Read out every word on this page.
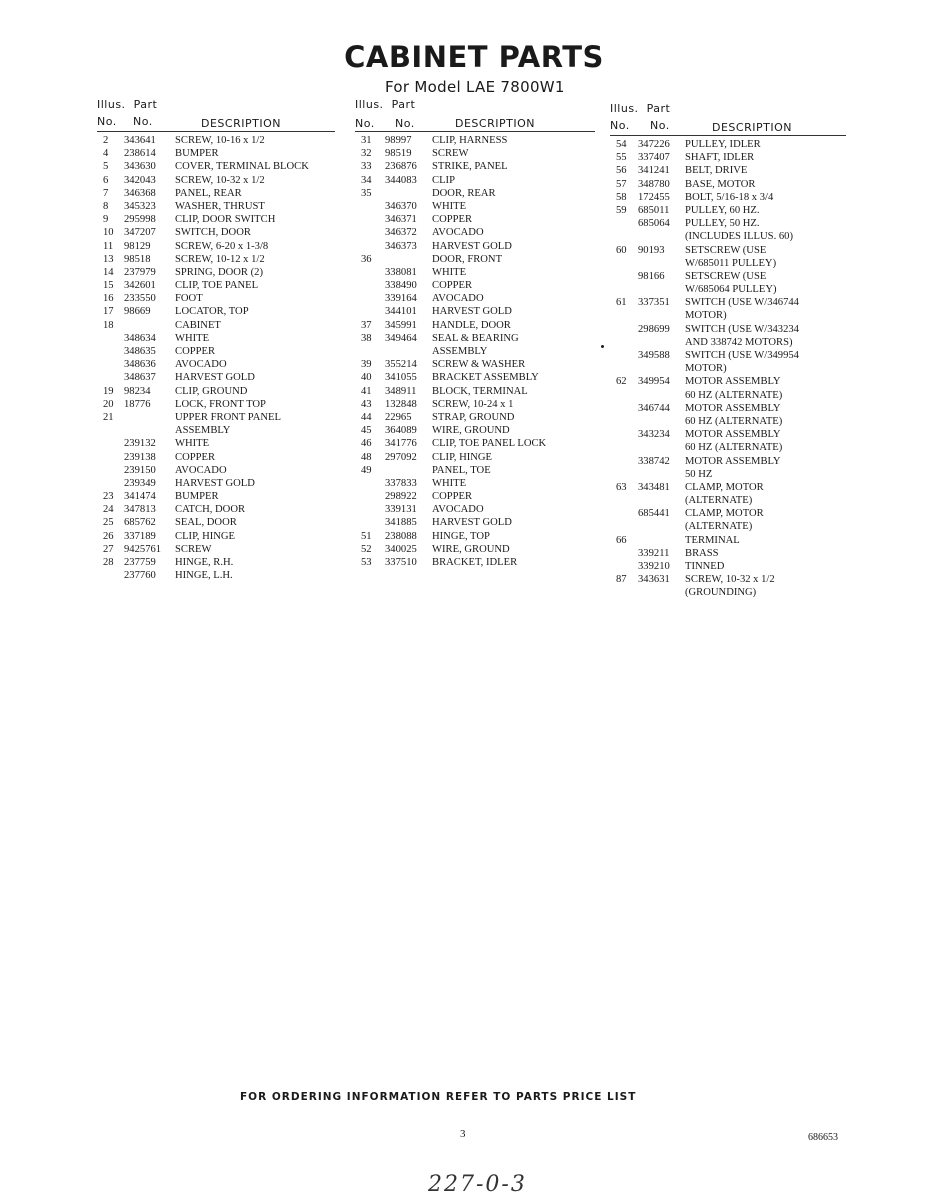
CABINET PARTS
For Model LAE 7800W1
Illus. Part
No. No.	DESCRIPTION
2 343641 SCREW, 10-16 x 1/2
4 238614 BUMPER
5 343630 COVER, TERMINAL BLOCK
6 342043 SCREW, 10-32 x 1/2
7 346368 PANEL, REAR
8 345323 WASHER, THRUST
9 295998 CLIP, DOOR SWITCH
10 347207 SWITCH, DOOR
11 98129 SCREW, 6-20 x 1-3/8
13 98518 SCREW, 10-12 x 1/2
14 237979 SPRING, DOOR (2)
15 342601 CLIP, TOE PANEL
16 233550 FOOT
17 98669 LOCATOR, TOP
18	CABINET
348634 WHITE
348635 COPPER
348636 AVOCADO
348637 HARVEST GOLD
19 98234 CLIP, GROUND
20 18776 LOCK, FRONT TOP
21	UPPER FRONT PANEL
ASSEMBLY
239132 WHITE
239138 COPPER
239150 AVOCADO
239349 HARVEST GOLD
23 341474 BUMPER
24 347813 CATCH, DOOR
25 685762 SEAL, DOOR
26 337189 CLIP, HINGE
27 9425761 SCREW
28 237759 HINGE, R.H.
237760 HINGE, L.H.
Illus. Part
No. No.	DESCRIPTION
31 98997 CLIP, HARNESS
32 98519 SCREW
33 236876 STRIKE, PANEL
34 344083 CLIP
35	DOOR, REAR
346370 WHITE
346371 COPPER
346372 AVOCADO
346373 HARVEST GOLD
36	DOOR, FRONT
338081 WHITE
338490 COPPER
339164 AVOCADO
344101 HARVEST GOLD
37 345991 HANDLE, DOOR
38 349464 SEAL & BEARING
ASSEMBLY
39 355214 SCREW & WASHER
40 341055 BRACKET ASSEMBLY
41 348911 BLOCK, TERMINAL
43 132848 SCREW, 10-24 x 1
44 22965 STRAP, GROUND
45 364089 WIRE, GROUND
46 341776 CLIP, TOE PANEL LOCK
48 297092 CLIP, HINGE
49	PANEL, TOE
337833 WHITE
298922 COPPER
339131 AVOCADO
341885 HARVEST GOLD
51 238088 HINGE, TOP
52 340025 WIRE, GROUND
53 337510 BRACKET, IDLER
Illus. Part
No. No.	DESCRIPTION
54 347226 PULLEY, IDLER
55 337407 SHAFT, IDLER
56 341241 BELT, DRIVE
57 348780 BASE, MOTOR
58 172455 BOLT, 5/16-18 x 3/4
59 685011 PULLEY, 60 HZ.
685064 PULLEY, 50 HZ.
(INCLUDES ILLUS. 60)
60 90193 SETSCREW (USE
W/685011 PULLEY)
98166 SETSCREW (USE
W/685064 PULLEY)
61 337351 SWITCH (USE W/346744
MOTOR)
298699 SWITCH (USE W/343234
AND 338742 MOTORS)
349588 SWITCH (USE W/349954
MOTOR)
62 349954 MOTOR ASSEMBLY
60 HZ (ALTERNATE)
346744 MOTOR ASSEMBLY
60 HZ (ALTERNATE)
343234 MOTOR ASSEMBLY
60 HZ (ALTERNATE)
338742 MOTOR ASSEMBLY
50 HZ
63 343481 CLAMP, MOTOR
(ALTERNATE)
685441 CLAMP, MOTOR
(ALTERNATE)
66	TERMINAL
339211 BRASS
339210 TINNED
87 343631 SCREW, 10-32 x 1/2
(GROUNDING)
FOR ORDERING INFORMATION REFER TO PARTS PRICE LIST
3	686653
227-0-3
